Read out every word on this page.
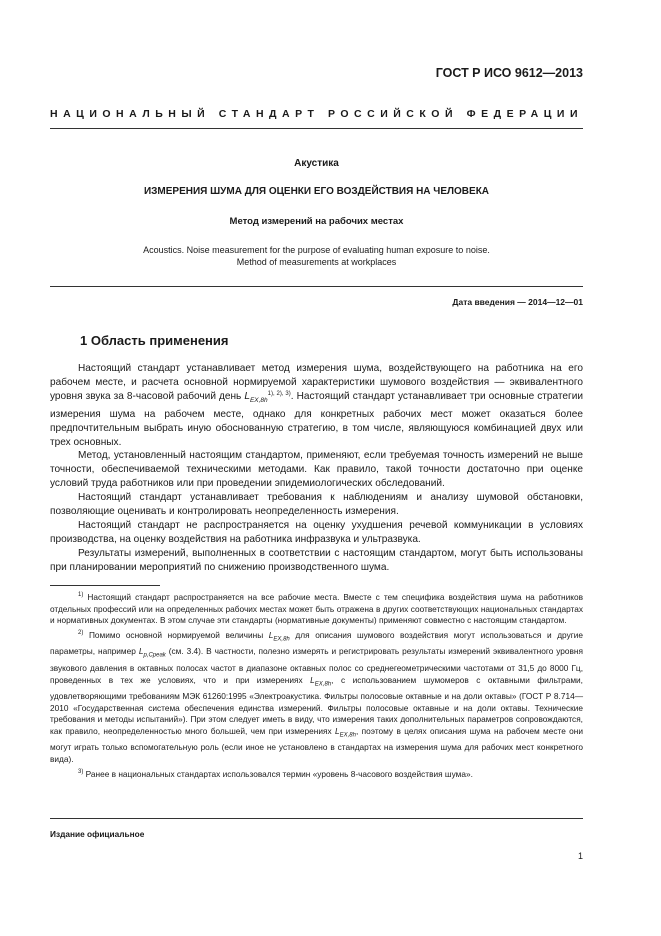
ГОСТ Р ИСО 9612—2013
НАЦИОНАЛЬНЫЙ СТАНДАРТ РОССИЙСКОЙ ФЕДЕРАЦИИ
Акустика
ИЗМЕРЕНИЯ ШУМА ДЛЯ ОЦЕНКИ ЕГО ВОЗДЕЙСТВИЯ НА ЧЕЛОВЕКА
Метод измерений на рабочих местах
Acoustics. Noise measurement for the purpose of evaluating human exposure to noise.
Method of measurements at workplaces
Дата введения — 2014—12—01
1 Область применения

Настоящий стандарт устанавливает метод измерения шума, воздействующего на работника на его рабочем месте, и расчета основной нормируемой характеристики шумового воздействия — эквивалентного уровня звука за 8-часовой рабочий день $L_{EX,8h}^{1), 2), 3)}$. Настоящий стандарт устанавливает три основные стратегии измерения шума на рабочем месте, однако для конкретных рабочих мест может оказаться более предпочтительным выбрать иную обоснованную стратегию, в том числе, являющуюся комбинацией двух или трех основных.

Метод, установленный настоящим стандартом, применяют, если требуемая точность измерений не выше точности, обеспечиваемой техническими методами. Как правило, такой точности достаточно при оценке условий труда работников или при проведении эпидемиологических обследований.

Настоящий стандарт устанавливает требования к наблюдениям и анализу шумовой обстановки, позволяющие оценивать и контролировать неопределенность измерения.

Настоящий стандарт не распространяется на оценку ухудшения речевой коммуникации в условиях производства, на оценку воздействия на работника инфразвука и ультразвука.

Результаты измерений, выполненных в соответствии с настоящим стандартом, могут быть использованы при планировании мероприятий по снижению производственного шума.

$^{1)}$ Настоящий стандарт распространяется на все рабочие места. Вместе с тем специфика воздействия шума на работников отдельных профессий или на определенных рабочих местах может быть отражена в других соответствующих национальных стандартах и нормативных документах. В этом случае эти стандарты (нормативные документы) применяют совместно с настоящим стандартом.

$^{2)}$ Помимо основной нормируемой величины $L_{EX,8h}$ для описания шумового воздействия могут использоваться и другие параметры, например $L_{p,Cpeak}$ (см. 3.4). В частности, полезно измерять и регистрировать результаты измерений эквивалентного уровня звукового давления в октавных полосах частот в диапазоне октавных полос со среднегеометрическими частотами от 31,5 до 8000 Гц, проведенных в тех же условиях, что и при измерениях $L_{EX,8h}$, с использованием шумомеров с октавными фильтрами, удовлетворяющими требованиям МЭК 61260:1995 «Электроакустика. Фильтры полосовые октавные и на доли октавы» (ГОСТ Р 8.714—2010 «Государственная система обеспечения единства измерений. Фильтры полосовые октавные и на доли октавы. Технические требования и методы испытаний»). При этом следует иметь в виду, что измерения таких дополнительных параметров сопровождаются, как правило, неопределенностью много большей, чем при измерениях $L_{EX,8h}$, поэтому в целях описания шума на рабочем месте они могут играть только вспомогательную роль (если иное не установлено в стандартах на измерения шума для рабочих мест конкретного вида).

$^{3)}$ Ранее в национальных стандартах использовался термин «уровень 8-часового воздействия шума».

Издание официальное
1
